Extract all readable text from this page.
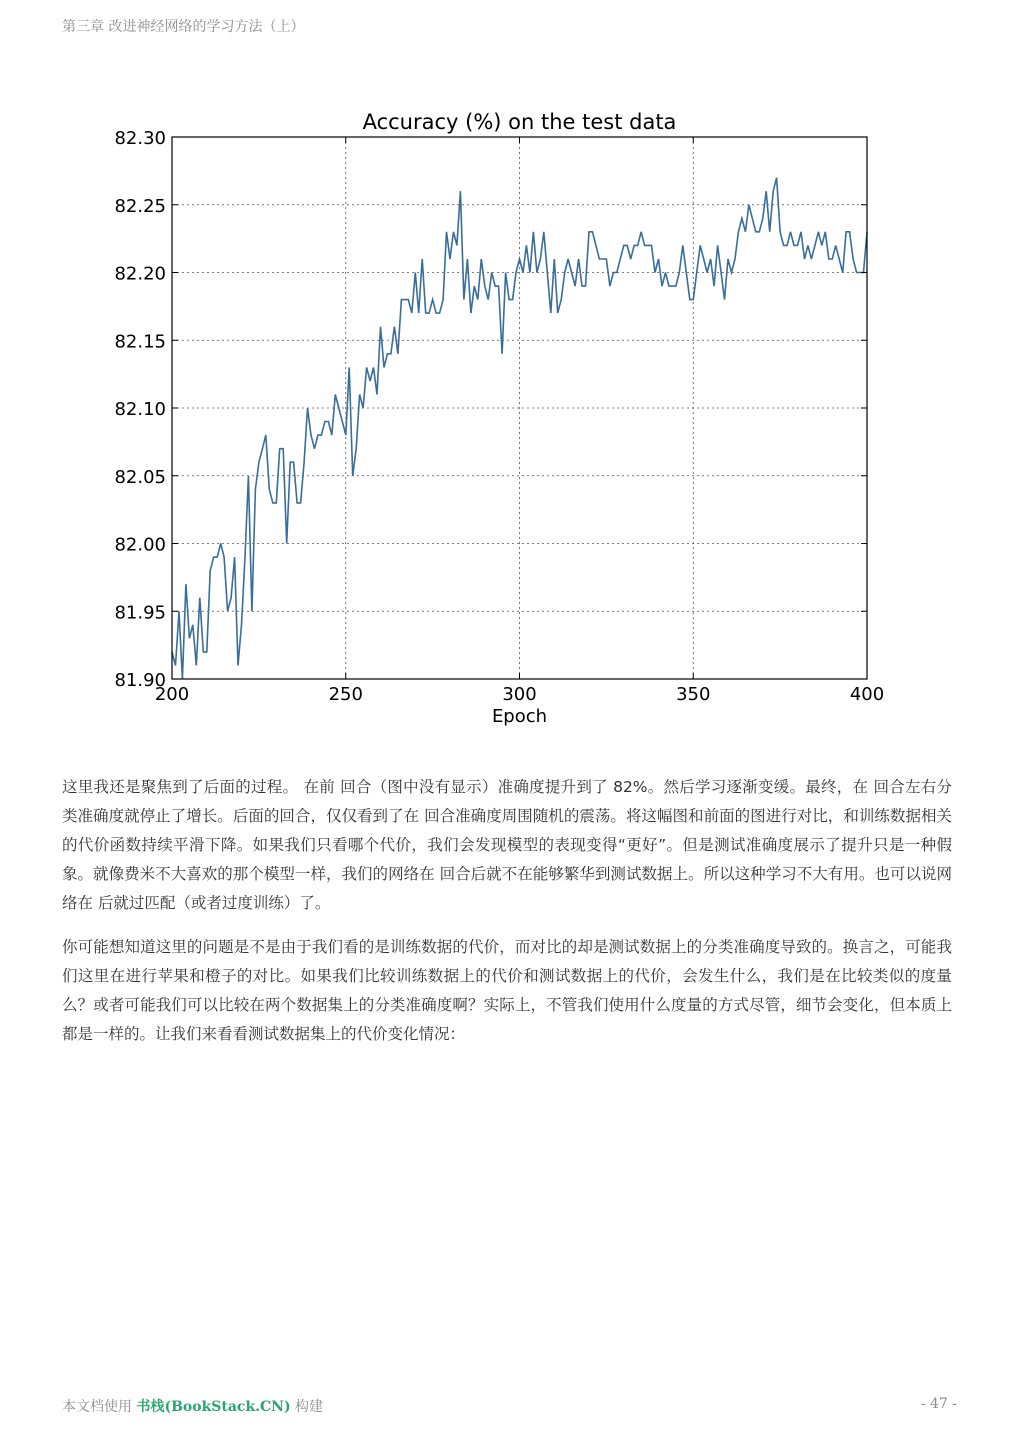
第三章 改进神经网络的学习方法（上）
200	250	300	350	400
81.90
81.95
82.00
82.05
82.10
82.15
82.20
82.25
82.30
Accuracy (%) on the test data
Epoch
这里我还是聚焦到了后面的过程。 在前 回合（图中没有显示）准确度提升到了 82%。然后学习逐渐变缓。最终，在 回合左右分类准确度就停止了增长。后面的回合，仅仅看到了在 回合准确度周围随机的震荡。将这幅图和前面的图进行对比，和训练数据相关的代价函数持续平滑下降。如果我们只看哪个代价，我们会发现模型的表现变得“更好”。但是测试准确度展示了提升只是一种假象。就像费米不大喜欢的那个模型一样，我们的网络在 回合后就不在能够繁华到测试数据上。所以这种学习不大有用。也可以说网络在 后就过匹配（或者过度训练）了。
你可能想知道这里的问题是不是由于我们看的是训练数据的代价，而对比的却是测试数据上的分类准确度导致的。换言之，可能我们这里在进行苹果和橙子的对比。如果我们比较训练数据上的代价和测试数据上的代价，会发生什么，我们是在比较类似的度量么？或者可能我们可以比较在两个数据集上的分类准确度啊？实际上，不管我们使用什么度量的方式尽管，细节会变化，但本质上都是一样的。让我们来看看测试数据集上的代价变化情况：
本文档使用 书栈(BookStack.CN) 构建	- 47 -
